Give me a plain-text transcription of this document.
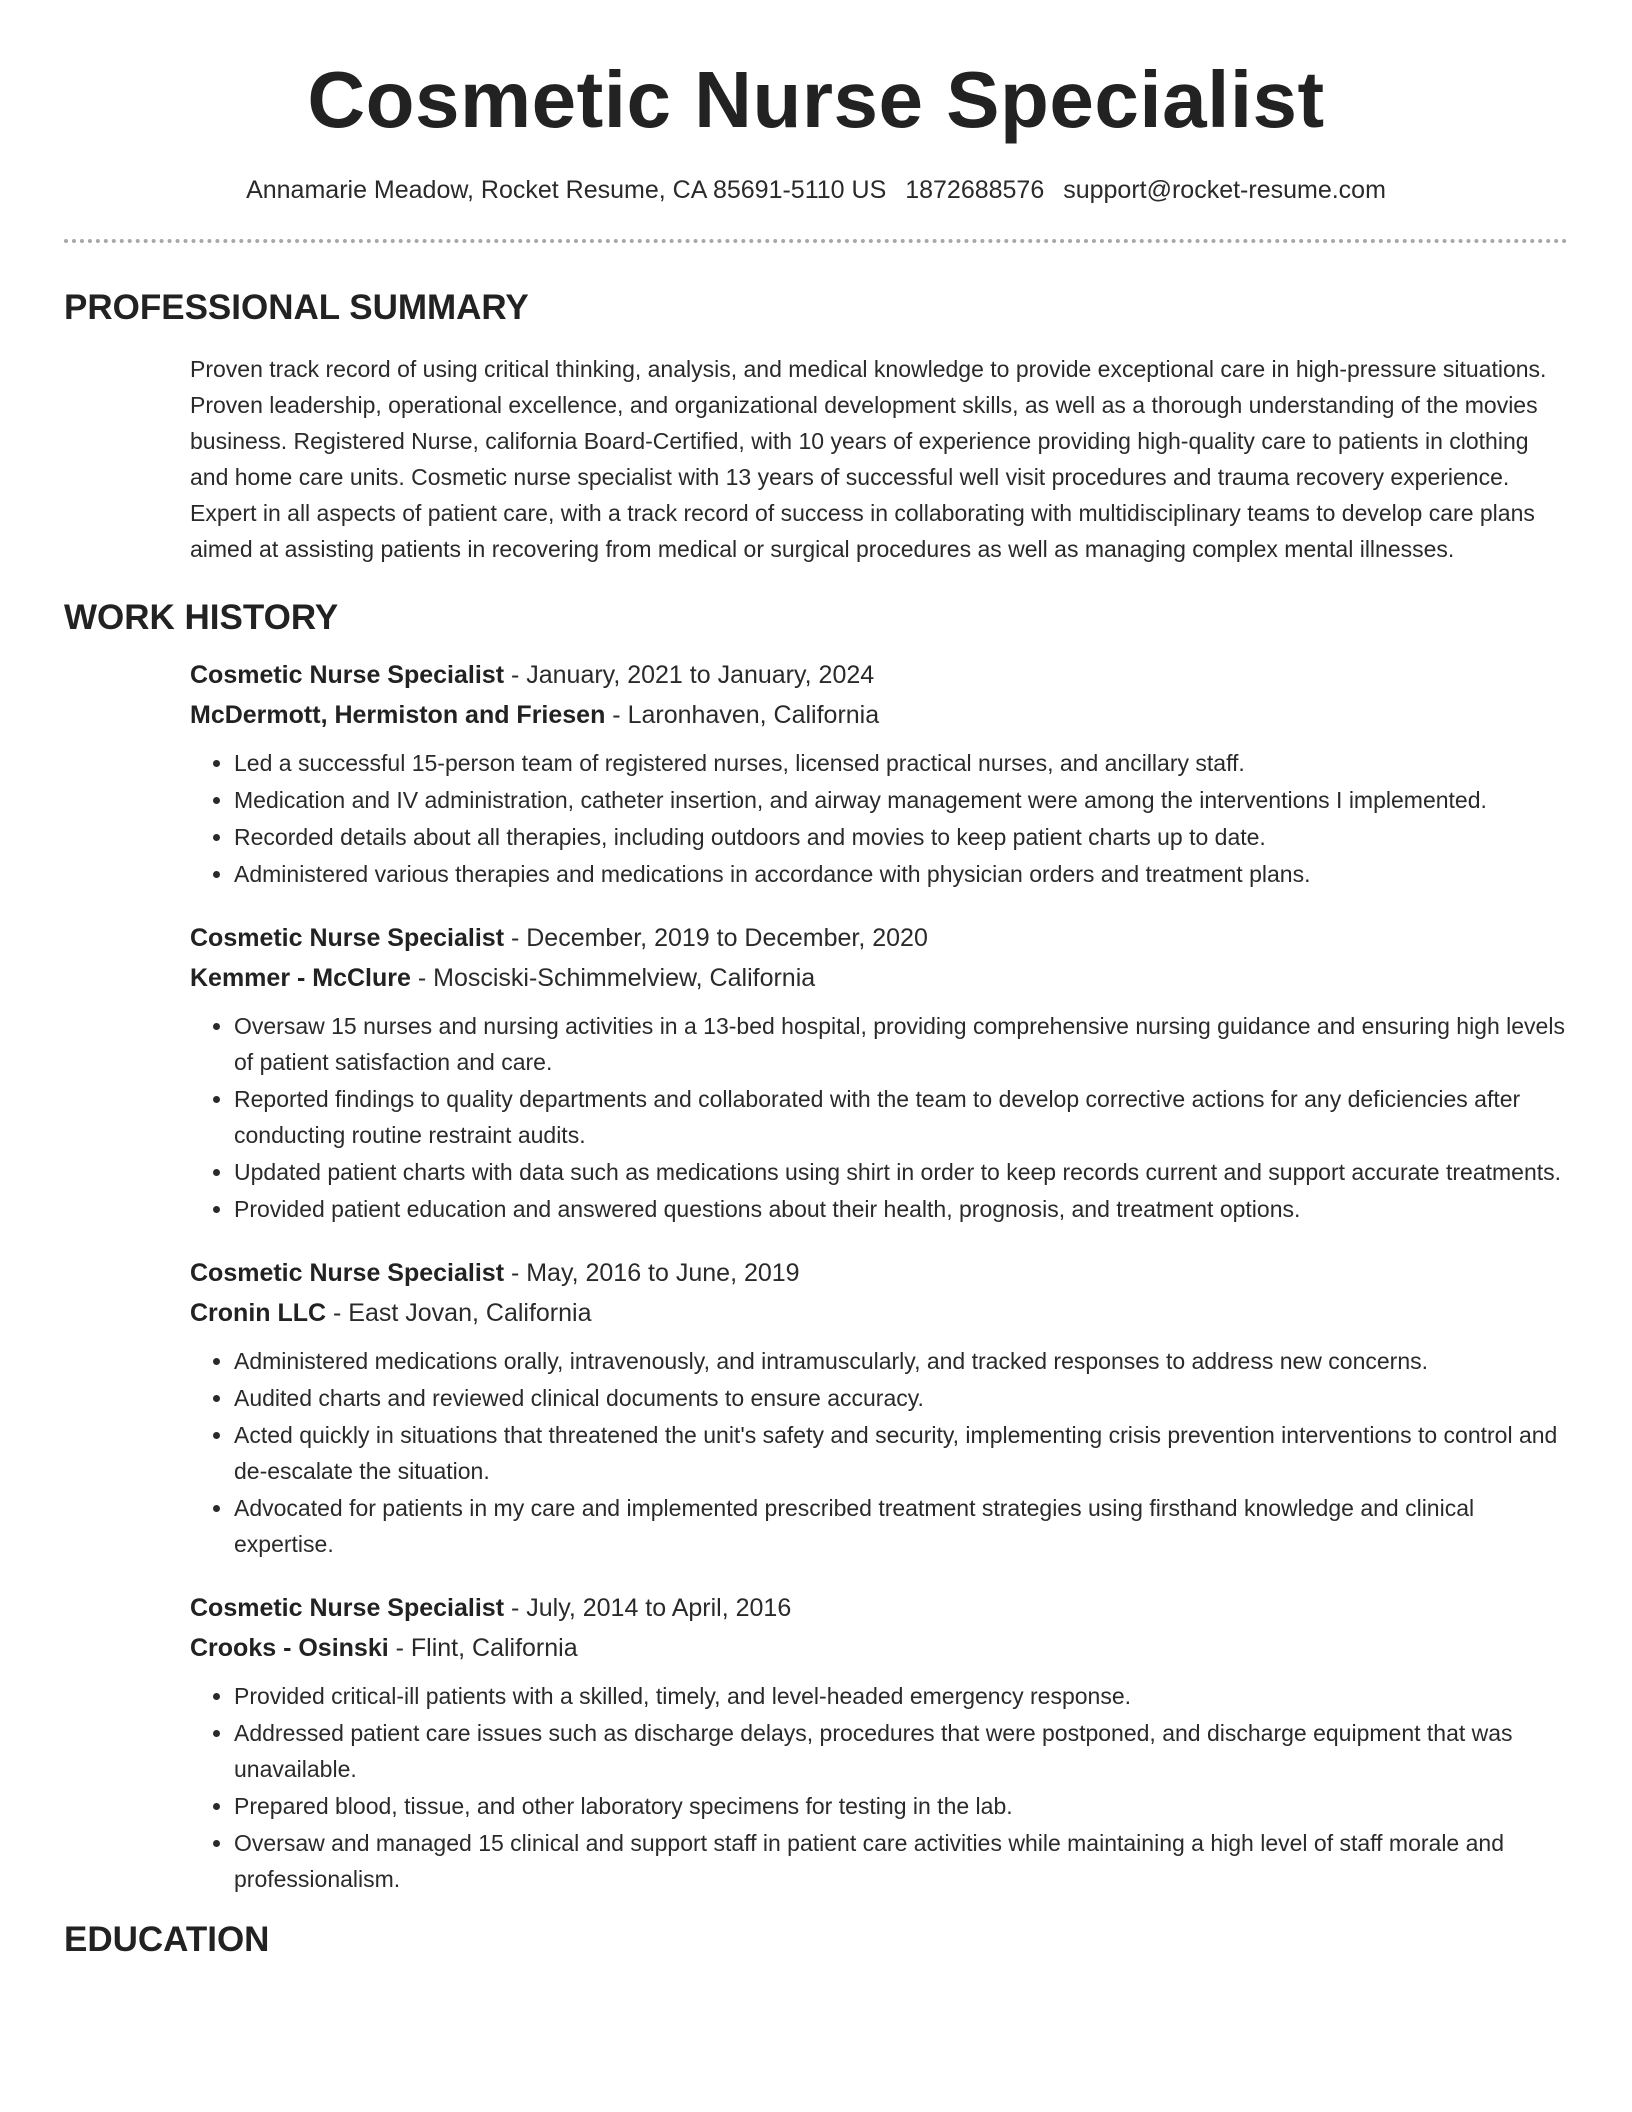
Cosmetic Nurse Specialist
Annamarie Meadow, Rocket Resume, CA 85691-5110 US 1872688576 support@rocket-resume.com
PROFESSIONAL SUMMARY

Proven track record of using critical thinking, analysis, and medical knowledge to provide exceptional care in high-pressure situations. Proven leadership, operational excellence, and organizational development skills, as well as a thorough understanding of the movies business. Registered Nurse, california Board-Certified, with 10 years of experience providing high-quality care to patients in clothing and home care units. Cosmetic nurse specialist with 13 years of successful well visit procedures and trauma recovery experience. Expert in all aspects of patient care, with a track record of success in collaborating with multidisciplinary teams to develop care plans aimed at assisting patients in recovering from medical or surgical procedures as well as managing complex mental illnesses.

WORK HISTORY
Cosmetic Nurse Specialist - January, 2021 to January, 2024
McDermott, Hermiston and Friesen - Laronhaven, California
• Led a successful 15-person team of registered nurses, licensed practical nurses, and ancillary staff.
• Medication and IV administration, catheter insertion, and airway management were among the interventions I implemented.
• Recorded details about all therapies, including outdoors and movies to keep patient charts up to date.
• Administered various therapies and medications in accordance with physician orders and treatment plans.
Cosmetic Nurse Specialist - December, 2019 to December, 2020
Kemmer - McClure - Mosciski-Schimmelview, California
• Oversaw 15 nurses and nursing activities in a 13-bed hospital, providing comprehensive nursing guidance and ensuring high levels of patient satisfaction and care.
• Reported findings to quality departments and collaborated with the team to develop corrective actions for any deficiencies after conducting routine restraint audits.
• Updated patient charts with data such as medications using shirt in order to keep records current and support accurate treatments.
• Provided patient education and answered questions about their health, prognosis, and treatment options.
Cosmetic Nurse Specialist - May, 2016 to June, 2019
Cronin LLC - East Jovan, California
• Administered medications orally, intravenously, and intramuscularly, and tracked responses to address new concerns.
• Audited charts and reviewed clinical documents to ensure accuracy.
• Acted quickly in situations that threatened the unit's safety and security, implementing crisis prevention interventions to control and de-escalate the situation.
• Advocated for patients in my care and implemented prescribed treatment strategies using firsthand knowledge and clinical expertise.
Cosmetic Nurse Specialist - July, 2014 to April, 2016
Crooks - Osinski - Flint, California
• Provided critical-ill patients with a skilled, timely, and level-headed emergency response.
• Addressed patient care issues such as discharge delays, procedures that were postponed, and discharge equipment that was unavailable.
• Prepared blood, tissue, and other laboratory specimens for testing in the lab.
• Oversaw and managed 15 clinical and support staff in patient care activities while maintaining a high level of staff morale and professionalism.
EDUCATION
